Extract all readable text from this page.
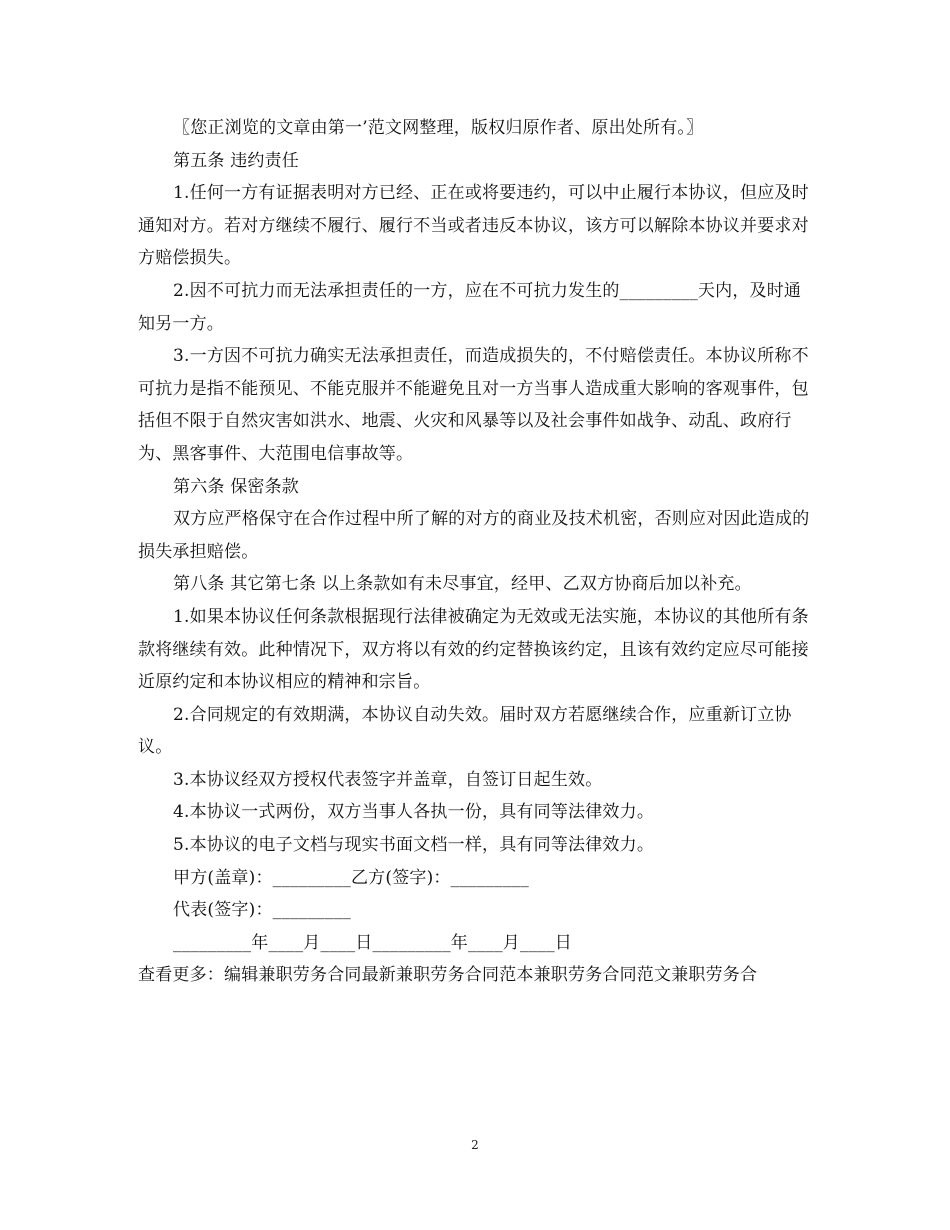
〖您正浏览的文章由第一’范文网整理，版权归原作者、原出处所有。〗

第五条 违约责任

1.任何一方有证据表明对方已经、正在或将要违约，可以中止履行本协议，但应及时通知对方。若对方继续不履行、履行不当或者违反本协议，该方可以解除本协议并要求对方赔偿损失。

2.因不可抗力而无法承担责任的一方，应在不可抗力发生的_________天内，及时通知另一方。

3.一方因不可抗力确实无法承担责任，而造成损失的，不付赔偿责任。本协议所称不可抗力是指不能预见、不能克服并不能避免且对一方当事人造成重大影响的客观事件，包括但不限于自然灾害如洪水、地震、火灾和风暴等以及社会事件如战争、动乱、政府行为、黑客事件、大范围电信事故等。

第六条 保密条款

双方应严格保守在合作过程中所了解的对方的商业及技术机密，否则应对因此造成的损失承担赔偿。

第八条 其它第七条 以上条款如有未尽事宜，经甲、乙双方协商后加以补充。

1.如果本协议任何条款根据现行法律被确定为无效或无法实施，本协议的其他所有条款将继续有效。此种情况下，双方将以有效的约定替换该约定，且该有效约定应尽可能接近原约定和本协议相应的精神和宗旨。

2.合同规定的有效期满，本协议自动失效。届时双方若愿继续合作，应重新订立协议。

3.本协议经双方授权代表签字并盖章，自签订日起生效。

4.本协议一式两份，双方当事人各执一份，具有同等法律效力。

5.本协议的电子文档与现实书面文档一样，具有同等法律效力。

甲方(盖章)：_________乙方(签字)：_________

代表(签字)：_________

_________年____月____日_________年____月____日

查看更多：编辑兼职劳务合同最新兼职劳务合同范本兼职劳务合同范文兼职劳务合

2
